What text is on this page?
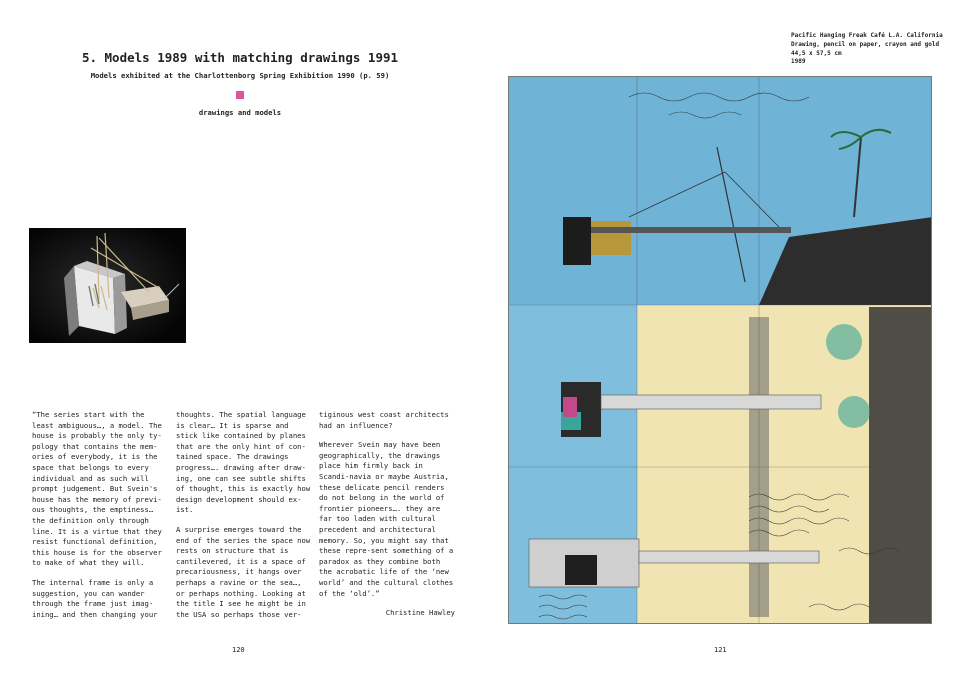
5. Models 1989 with matching drawings 1991
Models exhibited at the Charlottenborg Spring Exhibition 1990 (p. 59)
drawings and models

“The series start with the least ambiguous…, a model. The house is probably the only ty-pology that contains the mem-ories of everybody, it is the space that belongs to every individual and as such will prompt judgement. But Svein's house has the memory of previ-ous thoughts, the emptiness… the definition only through line. It is a virtue that they resist functional definition, this house is for the observer to make of what they will.

The internal frame is only a suggestion, you can wander through the frame just imag-ining… and then changing your

thoughts. The spatial language is clear… It is sparse and stick like contained by planes that are the only hint of con-tained space. The drawings progress…. drawing after draw-ing, one can see subtle shifts of thought, this is exactly how design development should ex-ist.

A surprise emerges toward the end of the series the space now rests on structure that is cantilevered, it is a space of precariousness, it hangs over perhaps a ravine or the sea…, or perhaps nothing. Looking at the title I see he might be in the USA so perhaps those ver-

tiginous west coast architects had an influence?

Wherever Svein may have been geographically, the drawings place him firmly back in Scandi-navia or maybe Austria, these delicate pencil renders do not belong in the world of frontier pioneers…. they are far too laden with cultural precedent and architectural memory. So, you might say that these repre-sent something of a paradox as they combine both the acrobatic life of the ‘new world’ and the cultural clothes of the ‘old’.”

Christine Hawley
120	121
Pacific Hanging Freak Café L.A. California
Drawing, pencil on paper, crayon and gold
44,5 x 57,5 cm
1989
